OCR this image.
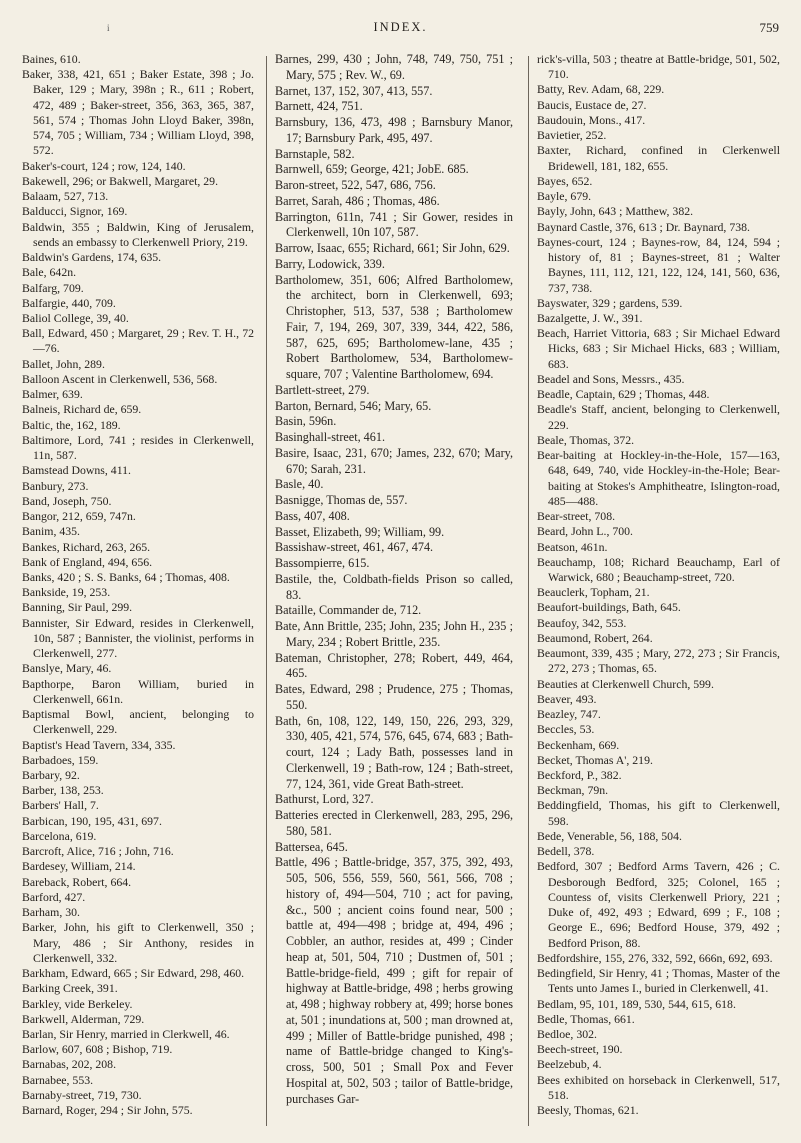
i	INDEX.	759

Baines, 610.

Baker, 338, 421, 651 ; Baker Estate, 398 ; Jo. Baker, 129 ; Mary, 398n ; R., 611 ; Robert, 472, 489 ; Baker-street, 356, 363, 365, 387, 561, 574 ; Thomas John Lloyd Baker, 398n, 574, 705 ; William, 734 ; William Lloyd, 398, 572.

Baker's-court, 124 ; row, 124, 140.

Bakewell, 296; or Bakwell, Margaret, 29.

Balaam, 527, 713.

Balducci, Signor, 169.

Baldwin, 355 ; Baldwin, King of Jerusalem, sends an embassy to Clerkenwell Priory, 219.

Baldwin's Gardens, 174, 635.

Bale, 642n.

Balfarg, 709.

Balfargie, 440, 709.

Baliol College, 39, 40.

Ball, Edward, 450 ; Margaret, 29 ; Rev. T. H., 72—76.

Ballet, John, 289.

Balloon Ascent in Clerkenwell, 536, 568.

Balmer, 639.

Balneis, Richard de, 659.

Baltic, the, 162, 189.

Baltimore, Lord, 741 ; resides in Clerkenwell, 11n, 587.

Bamstead Downs, 411.

Banbury, 273.

Band, Joseph, 750.

Bangor, 212, 659, 747n.

Banim, 435.

Bankes, Richard, 263, 265.

Bank of England, 494, 656.

Banks, 420 ; S. S. Banks, 64 ; Thomas, 408.

Bankside, 19, 253.

Banning, Sir Paul, 299.

Bannister, Sir Edward, resides in Clerkenwell, 10n, 587 ; Bannister, the violinist, performs in Clerkenwell, 277.

Banslye, Mary, 46.

Bapthorpe, Baron William, buried in Clerkenwell, 661n.

Baptismal Bowl, ancient, belonging to Clerkenwell, 229.

Baptist's Head Tavern, 334, 335.

Barbadoes, 159.

Barbary, 92.

Barber, 138, 253.

Barbers' Hall, 7.

Barbican, 190, 195, 431, 697.

Barcelona, 619.

Barcroft, Alice, 716 ; John, 716.

Bardesey, William, 214.

Bareback, Robert, 664.

Barford, 427.

Barham, 30.

Barker, John, his gift to Clerkenwell, 350 ; Mary, 486 ; Sir Anthony, resides in Clerkenwell, 332.

Barkham, Edward, 665 ; Sir Edward, 298, 460.

Barking Creek, 391.

Barkley, vide Berkeley.

Barkwell, Alderman, 729.

Barlan, Sir Henry, married in Clerkwell, 46.

Barlow, 607, 608 ; Bishop, 719.

Barnabas, 202, 208.

Barnabee, 553.

Barnaby-street, 719, 730.

Barnard, Roger, 294 ; Sir John, 575.

Barnes, 299, 430 ; John, 748, 749, 750, 751 ; Mary, 575 ; Rev. W., 69.

Barnet, 137, 152, 307, 413, 557.

Barnett, 424, 751.

Barnsbury, 136, 473, 498 ; Barnsbury Manor, 17; Barnsbury Park, 495, 497.

Barnstaple, 582.

Barnwell, 659; George, 421; JobE. 685.

Baron-street, 522, 547, 686, 756.

Barret, Sarah, 486 ; Thomas, 486.

Barrington, 611n, 741 ; Sir Gower, resides in Clerkenwell, 10n 107, 587.

Barrow, Isaac, 655; Richard, 661; Sir John, 629.

Barry, Lodowick, 339.

Bartholomew, 351, 606; Alfred Bartholomew, the architect, born in Clerkenwell, 693; Christopher, 513, 537, 538 ; Bartholomew Fair, 7, 194, 269, 307, 339, 344, 422, 586, 587, 625, 695; Bartholomew-lane, 435 ; Robert Bartholomew, 534, Bartholomew-square, 707 ; Valentine Bartholomew, 694.

Bartlett-street, 279.

Barton, Bernard, 546; Mary, 65.

Basin, 596n.

Basinghall-street, 461.

Basire, Isaac, 231, 670; James, 232, 670; Mary, 670; Sarah, 231.

Basle, 40.

Basnigge, Thomas de, 557.

Bass, 407, 408.

Basset, Elizabeth, 99; William, 99.

Bassishaw-street, 461, 467, 474.

Bassompierre, 615.

Bastile, the, Coldbath-fields Prison so called, 83.

Bataille, Commander de, 712.

Bate, Ann Brittle, 235; John, 235; John H., 235 ; Mary, 234 ; Robert Brittle, 235.

Bateman, Christopher, 278; Robert, 449, 464, 465.

Bates, Edward, 298 ; Prudence, 275 ; Thomas, 550.

Bath, 6n, 108, 122, 149, 150, 226, 293, 329, 330, 405, 421, 574, 576, 645, 674, 683 ; Bath-court, 124 ; Lady Bath, possesses land in Clerkenwell, 19 ; Bath-row, 124 ; Bath-street, 77, 124, 361, vide Great Bath-street.

Bathurst, Lord, 327.

Batteries erected in Clerkenwell, 283, 295, 296, 580, 581.

Battersea, 645.

Battle, 496 ; Battle-bridge, 357, 375, 392, 493, 505, 506, 556, 559, 560, 561, 566, 708 ; history of, 494—504, 710 ; act for paving, &c., 500 ; ancient coins found near, 500 ; battle at, 494—498 ; bridge at, 494, 496 ; Cobbler, an author, resides at, 499 ; Cinder heap at, 501, 504, 710 ; Dustmen of, 501 ; Battle-bridge-field, 499 ; gift for repair of highway at Battle-bridge, 498 ; herbs growing at, 498 ; highway robbery at, 499; horse bones at, 501 ; inundations at, 500 ; man drowned at, 499 ; Miller of Battle-bridge punished, 498 ; name of Battle-bridge changed to King's-cross, 500, 501 ; Small Pox and Fever Hospital at, 502, 503 ; tailor of Battle-bridge, purchases Gar-

rick's-villa, 503 ; theatre at Battle-bridge, 501, 502, 710.

Batty, Rev. Adam, 68, 229.

Baucis, Eustace de, 27.

Baudouin, Mons., 417.

Bavietier, 252.

Baxter, Richard, confined in Clerkenwell Bridewell, 181, 182, 655.

Bayes, 652.

Bayle, 679.

Bayly, John, 643 ; Matthew, 382.

Baynard Castle, 376, 613 ; Dr. Baynard, 738.

Baynes-court, 124 ; Baynes-row, 84, 124, 594 ; history of, 81 ; Baynes-street, 81 ; Walter Baynes, 111, 112, 121, 122, 124, 141, 560, 636, 737, 738.

Bayswater, 329 ; gardens, 539.

Bazalgette, J. W., 391.

Beach, Harriet Vittoria, 683 ; Sir Michael Edward Hicks, 683 ; Sir Michael Hicks, 683 ; William, 683.

Beadel and Sons, Messrs., 435.

Beadle, Captain, 629 ; Thomas, 448.

Beadle's Staff, ancient, belonging to Clerkenwell, 229.

Beale, Thomas, 372.

Bear-baiting at Hockley-in-the-Hole, 157—163, 648, 649, 740, vide Hockley-in-the-Hole; Bear-baiting at Stokes's Amphitheatre, Islington-road, 485—488.

Bear-street, 708.

Beard, John L., 700.

Beatson, 461n.

Beauchamp, 108; Richard Beauchamp, Earl of Warwick, 680 ; Beauchamp-street, 720.

Beauclerk, Topham, 21.

Beaufort-buildings, Bath, 645.

Beaufoy, 342, 553.

Beaumond, Robert, 264.

Beaumont, 339, 435 ; Mary, 272, 273 ; Sir Francis, 272, 273 ; Thomas, 65.

Beauties at Clerkenwell Church, 599.

Beaver, 493.

Beazley, 747.

Beccles, 53.

Beckenham, 669.

Becket, Thomas A', 219.

Beckford, P., 382.

Beckman, 79n.

Beddingfield, Thomas, his gift to Clerkenwell, 598.

Bede, Venerable, 56, 188, 504.

Bedell, 378.

Bedford, 307 ; Bedford Arms Tavern, 426 ; C. Desborough Bedford, 325; Colonel, 165 ; Countess of, visits Clerkenwell Priory, 221 ; Duke of, 492, 493 ; Edward, 699 ; F., 108 ; George E., 696; Bedford House, 379, 492 ; Bedford Prison, 88.

Bedfordshire, 155, 276, 332, 592, 666n, 692, 693.

Bedingfield, Sir Henry, 41 ; Thomas, Master of the Tents unto James I., buried in Clerkenwell, 41.

Bedlam, 95, 101, 189, 530, 544, 615, 618.

Bedle, Thomas, 661.

Bedloe, 302.

Beech-street, 190.

Beelzebub, 4.

Bees exhibited on horseback in Clerkenwell, 517, 518.

Beesly, Thomas, 621.
